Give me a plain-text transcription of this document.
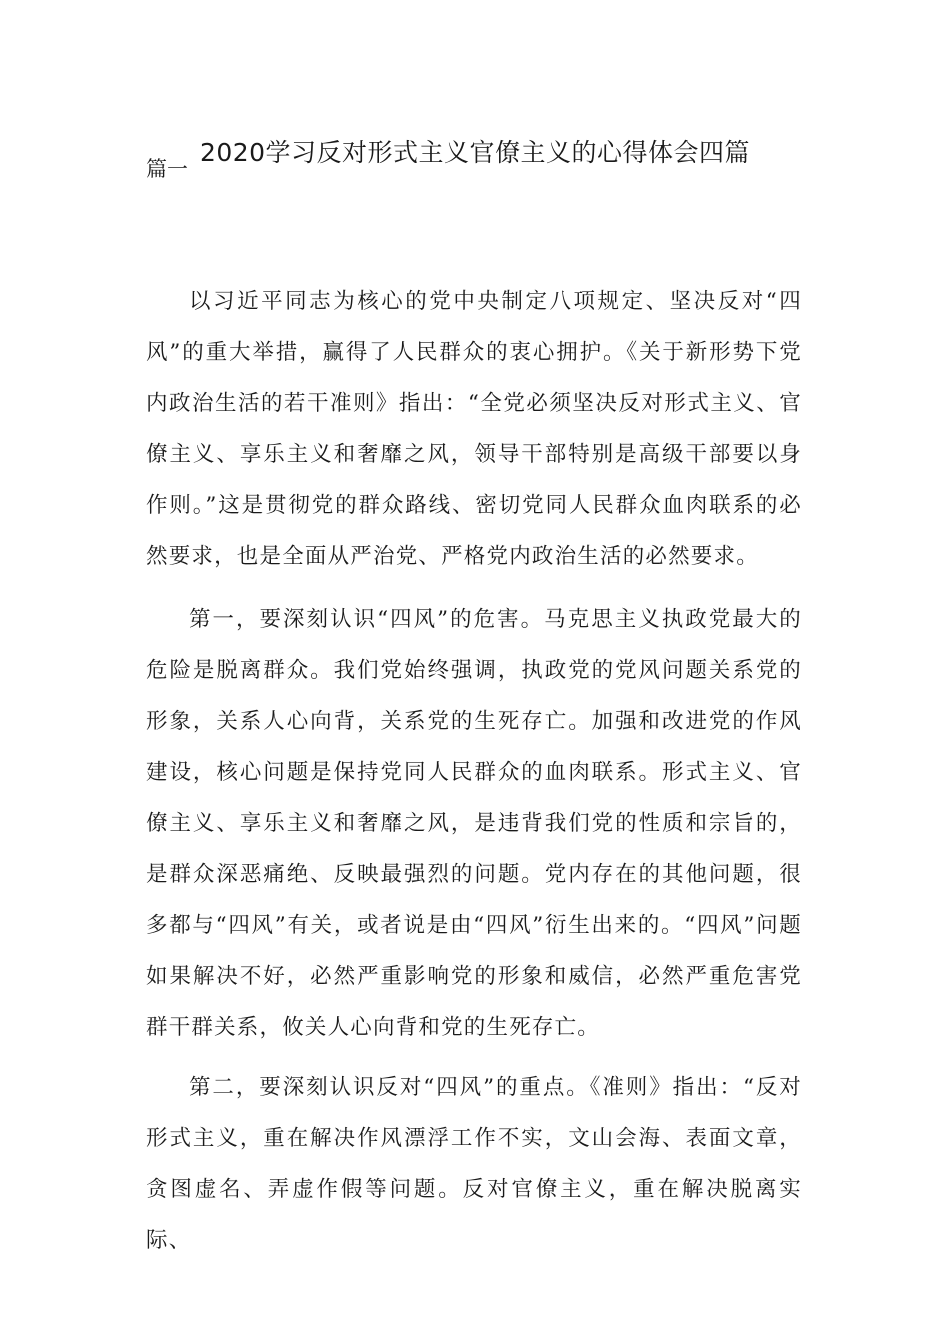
2020学习反对形式主义官僚主义的心得体会四篇
篇一

以习近平同志为核心的党中央制定八项规定、坚决反对“四风”的重大举措，赢得了人民群众的衷心拥护。《关于新形势下党内政治生活的若干准则》指出：“全党必须坚决反对形式主义、官僚主义、享乐主义和奢靡之风，领导干部特别是高级干部要以身作则。”这是贯彻党的群众路线、密切党同人民群众血肉联系的必然要求，也是全面从严治党、严格党内政治生活的必然要求。

第一，要深刻认识“四风”的危害。马克思主义执政党最大的危险是脱离群众。我们党始终强调，执政党的党风问题关系党的形象，关系人心向背，关系党的生死存亡。加强和改进党的作风建设，核心问题是保持党同人民群众的血肉联系。形式主义、官僚主义、享乐主义和奢靡之风，是违背我们党的性质和宗旨的，是群众深恶痛绝、反映最强烈的问题。党内存在的其他问题，很多都与“四风”有关，或者说是由“四风”衍生出来的。“四风”问题如果解决不好，必然严重影响党的形象和威信，必然严重危害党群干群关系，攸关人心向背和党的生死存亡。

第二，要深刻认识反对“四风”的重点。《准则》指出：“反对形式主义，重在解决作风漂浮工作不实，文山会海、表面文章，贪图虚名、弄虚作假等问题。反对官僚主义，重在解决脱离实际、
